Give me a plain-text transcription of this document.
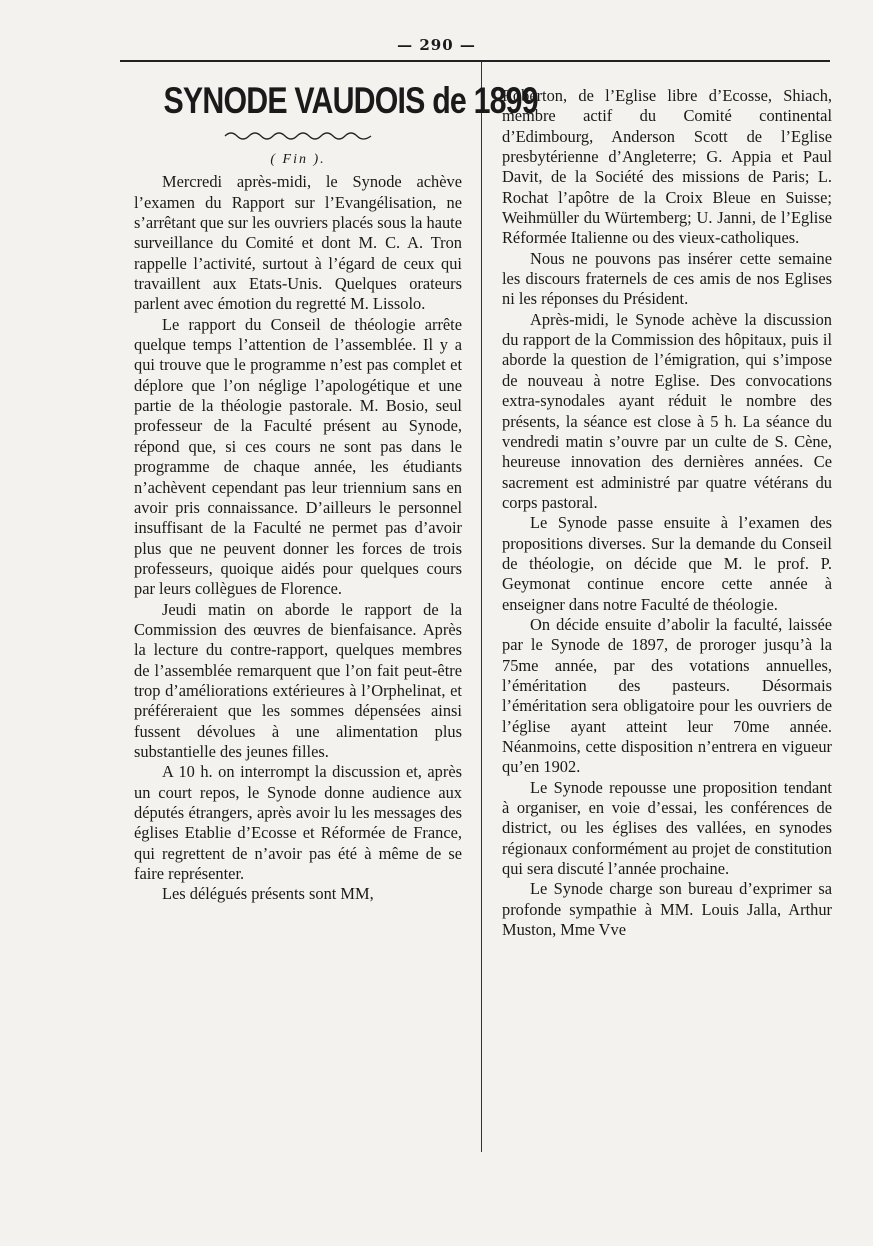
— 290 —
SYNODE VAUDOIS de 1899
( Fin ).

Mercredi après-midi, le Synode achève l’examen du Rapport sur l’Evangélisation, ne s’arrêtant que sur les ouvriers placés sous la haute surveillance du Comité et dont M. C. A. Tron rappelle l’activité, surtout à l’égard de ceux qui travaillent aux Etats-Unis. Quelques orateurs parlent avec émotion du regretté M. Lissolo.

Le rapport du Conseil de théologie arrête quelque temps l’attention de l’assemblée. Il y a qui trouve que le programme n’est pas complet et déplore que l’on néglige l’apologétique et une partie de la théologie pastorale. M. Bosio, seul professeur de la Faculté présent au Synode, répond que, si ces cours ne sont pas dans le programme de chaque année, les étudiants n’achèvent cependant pas leur triennium sans en avoir pris connaissance. D’ailleurs le personnel insuffisant de la Faculté ne permet pas d’avoir plus que ne peuvent donner les forces de trois professeurs, quoique aidés pour quelques cours par leurs collègues de Florence.

Jeudi matin on aborde le rapport de la Commission des œuvres de bienfaisance. Après la lecture du contre-rapport, quelques membres de l’assemblée remarquent que l’on fait peut-être trop d’améliorations extérieures à l’Orphelinat, et préféreraient que les sommes dépensées ainsi fussent dévolues à une alimentation plus substantielle des jeunes filles.

A 10 h. on interrompt la discussion et, après un court repos, le Synode donne audience aux députés étrangers, après avoir lu les messages des églises Etablie d’Ecosse et Réformée de France, qui regrettent de n’avoir pas été à même de se faire représenter.

Les délégués présents sont MM,

Roberton, de l’Eglise libre d’Ecosse, Shiach, membre actif du Comité continental d’Edimbourg, Anderson Scott de l’Eglise presbytérienne d’Angleterre; G. Appia et Paul Davit, de la Société des missions de Paris; L. Rochat l’apôtre de la Croix Bleue en Suisse; Weihmüller du Würtemberg; U. Janni, de l’Eglise Réformée Italienne ou des vieux-catholiques.

Nous ne pouvons pas insérer cette semaine les discours fraternels de ces amis de nos Eglises ni les réponses du Président.

Après-midi, le Synode achève la discussion du rapport de la Commission des hôpitaux, puis il aborde la question de l’émigration, qui s’impose de nouveau à notre Eglise. Des convocations extra-synodales ayant réduit le nombre des présents, la séance est close à 5 h. La séance du vendredi matin s’ouvre par un culte de S. Cène, heureuse innovation des dernières années. Ce sacrement est administré par quatre vétérans du corps pastoral.

Le Synode passe ensuite à l’examen des propositions diverses. Sur la demande du Conseil de théologie, on décide que M. le prof. P. Geymonat continue encore cette année à enseigner dans notre Faculté de théologie.

On décide ensuite d’abolir la faculté, laissée par le Synode de 1897, de proroger jusqu’à la 75me année, par des votations annuelles, l’éméritation des pasteurs. Désormais l’éméritation sera obligatoire pour les ouvriers de l’église ayant atteint leur 70me année. Néanmoins, cette disposition n’entrera en vigueur qu’en 1902.

Le Synode repousse une proposition tendant à organiser, en voie d’essai, les conférences de district, ou les églises des vallées, en synodes régionaux conformément au projet de constitution qui sera discuté l’année prochaine.

Le Synode charge son bureau d’exprimer sa profonde sympathie à MM. Louis Jalla, Arthur Muston, Mme Vve
